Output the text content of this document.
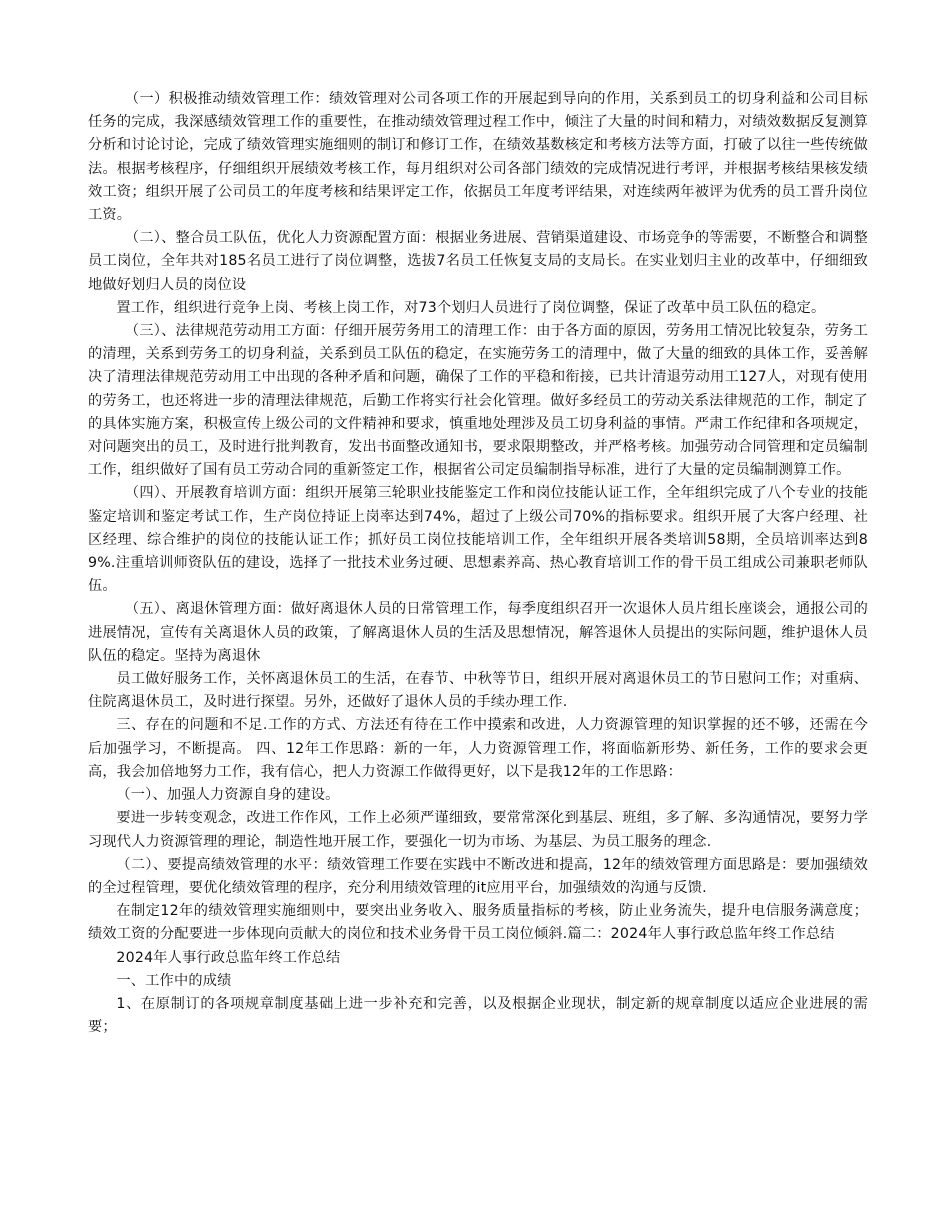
（一）积极推动绩效管理工作：绩效管理对公司各项工作的开展起到导向的作用，关系到员工的切身利益和公司目标任务的完成，我深感绩效管理工作的重要性，在推动绩效管理过程工作中，倾注了大量的时间和精力，对绩效数据反复测算分析和讨论讨论，完成了绩效管理实施细则的制订和修订工作，在绩效基数核定和考核方法等方面，打破了以往一些传统做法。根据考核程序，仔细组织开展绩效考核工作，每月组织对公司各部门绩效的完成情况进行考评，并根据考核结果核发绩效工资；组织开展了公司员工的年度考核和结果评定工作，依据员工年度考评结果，对连续两年被评为优秀的员工晋升岗位工资。

（二）、整合员工队伍，优化人力资源配置方面：根据业务进展、营销渠道建设、市场竞争的等需要，不断整合和调整员工岗位，全年共对185名员工进行了岗位调整，选拔7名员工任恢复支局的支局长。在实业划归主业的改革中，仔细细致地做好划归人员的岗位设

置工作，组织进行竞争上岗、考核上岗工作，对73个划归人员进行了岗位调整，保证了改革中员工队伍的稳定。

（三）、法律规范劳动用工方面：仔细开展劳务用工的清理工作：由于各方面的原因，劳务用工情况比较复杂，劳务工的清理，关系到劳务工的切身利益，关系到员工队伍的稳定，在实施劳务工的清理中，做了大量的细致的具体工作，妥善解决了清理法律规范劳动用工中出现的各种矛盾和问题，确保了工作的平稳和衔接，已共计清退劳动用工127人，对现有使用的劳务工，也还将进一步的清理法律规范，后勤工作将实行社会化管理。做好多经员工的劳动关系法律规范的工作，制定了的具体实施方案，积极宣传上级公司的文件精神和要求，慎重地处理涉及员工切身利益的事情。严肃工作纪律和各项规定，对问题突出的员工，及时进行批判教育，发出书面整改通知书，要求限期整改，并严格考核。加强劳动合同管理和定员编制工作，组织做好了国有员工劳动合同的重新签定工作，根据省公司定员编制指导标准，进行了大量的定员编制测算工作。

（四）、开展教育培训方面：组织开展第三轮职业技能鉴定工作和岗位技能认证工作，全年组织完成了八个专业的技能鉴定培训和鉴定考试工作，生产岗位持证上岗率达到74%，超过了上级公司70%的指标要求。组织开展了大客户经理、社区经理、综合维护的岗位的技能认证工作；抓好员工岗位技能培训工作，全年组织开展各类培训58期，全员培训率达到89%.注重培训师资队伍的建设，选择了一批技术业务过硬、思想素养高、热心教育培训工作的骨干员工组成公司兼职老师队伍。

（五）、离退休管理方面：做好离退休人员的日常管理工作，每季度组织召开一次退休人员片组长座谈会，通报公司的进展情况，宣传有关离退休人员的政策，了解离退休人员的生活及思想情况，解答退休人员提出的实际问题，维护退休人员队伍的稳定。坚持为离退休

员工做好服务工作，关怀离退休员工的生活，在春节、中秋等节日，组织开展对离退休员工的节日慰问工作；对重病、住院离退休员工，及时进行探望。另外，还做好了退休人员的手续办理工作.

三、存在的问题和不足.工作的方式、方法还有待在工作中摸索和改进，人力资源管理的知识掌握的还不够，还需在今后加强学习，不断提高。 四、12年工作思路：新的一年，人力资源管理工作，将面临新形势、新任务，工作的要求会更高，我会加倍地努力工作，我有信心，把人力资源工作做得更好，以下是我12年的工作思路：

（一）、加强人力资源自身的建设。

要进一步转变观念，改进工作作风，工作上必须严谨细致，要常常深化到基层、班组，多了解、多沟通情况，要努力学习现代人力资源管理的理论，制造性地开展工作，要强化一切为市场、为基层、为员工服务的理念.

（二）、要提高绩效管理的水平：绩效管理工作要在实践中不断改进和提高，12年的绩效管理方面思路是：要加强绩效的全过程管理，要优化绩效管理的程序，充分利用绩效管理的it应用平台，加强绩效的沟通与反馈.

在制定12年的绩效管理实施细则中，要突出业务收入、服务质量指标的考核，防止业务流失，提升电信服务满意度；绩效工资的分配要进一步体现向贡献大的岗位和技术业务骨干员工岗位倾斜.篇二：2024年人事行政总监年终工作总结

2024年人事行政总监年终工作总结

一、工作中的成绩

1、在原制订的各项规章制度基础上进一步补充和完善，以及根据企业现状，制定新的规章制度以适应企业进展的需要；
